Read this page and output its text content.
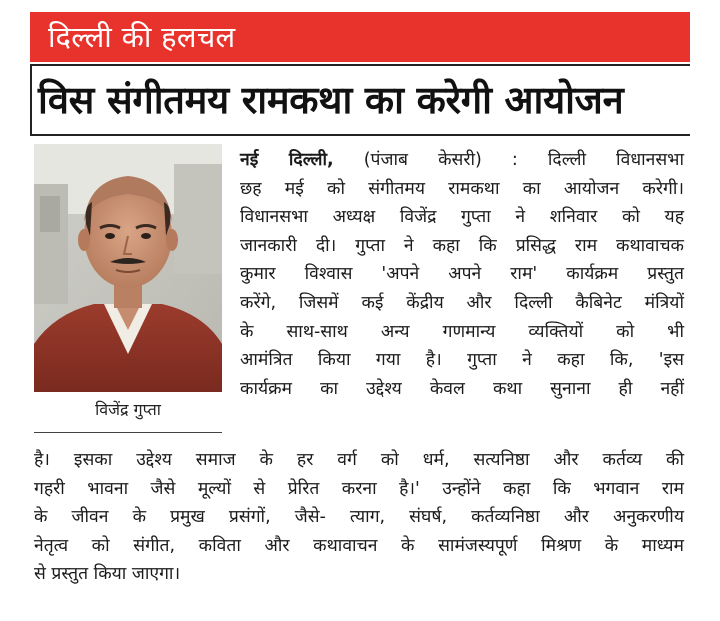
दिल्ली की हलचल
विस संगीतमय रामकथा का करेगी आयोजन
विजेंद्र गुप्ता
नई दिल्ली, (पंजाब केसरी) : दिल्ली विधानसभा
छह मई को संगीतमय रामकथा का आयोजन करेगी।
विधानसभा अध्यक्ष विजेंद्र गुप्ता ने शनिवार को यह
जानकारी दी। गुप्ता ने कहा कि प्रसिद्ध राम कथावाचक
कुमार विश्वास 'अपने अपने राम' कार्यक्रम प्रस्तुत
करेंगे, जिसमें कई केंद्रीय और दिल्ली कैबिनेट मंत्रियों
के साथ-साथ अन्य गणमान्य व्यक्तियों को भी
आमंत्रित किया गया है। गुप्ता ने कहा कि, 'इस
कार्यक्रम का उद्देश्य केवल कथा सुनाना ही नहीं
है। इसका उद्देश्य समाज के हर वर्ग को धर्म, सत्यनिष्ठा और कर्तव्य की
गहरी भावना जैसे मूल्यों से प्रेरित करना है।' उन्होंने कहा कि भगवान राम
के जीवन के प्रमुख प्रसंगों, जैसे- त्याग, संघर्ष, कर्तव्यनिष्ठा और अनुकरणीय
नेतृत्व को संगीत, कविता और कथावाचन के सामंजस्यपूर्ण मिश्रण के माध्यम
से प्रस्तुत किया जाएगा।
